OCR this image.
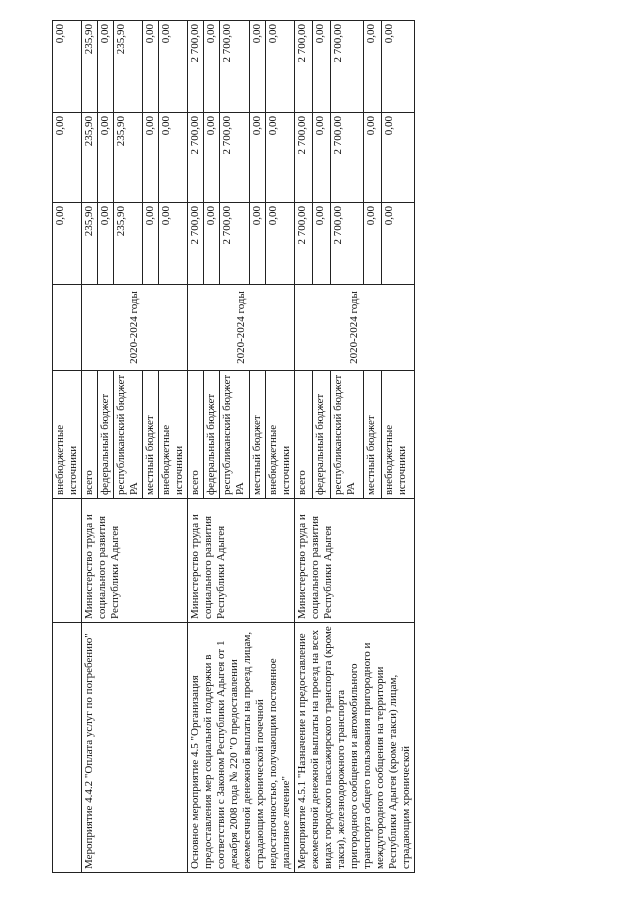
		внебюджетные источники		0,00	0,00	0,00
Мероприятие 4.4.2 "Оплата услуг по погребению"	Министерство труда и социального развития Республики Адыгея	всего	2020-2024 годы	235,90	235,90	235,90
		федеральный бюджет		0,00	0,00	0,00
		республиканский бюджет РА		235,90	235,90	235,90
		местный бюджет		0,00	0,00	0,00
		внебюджетные источники		0,00	0,00	0,00
Основное мероприятие 4.5 "Организация предоставления мер социальной поддержки в соответствии с Законом Республики Адыгея от 1 декабря 2008 года № 220 "О предоставлении ежемесячной денежной выплаты на проезд лицам, страдающим хронической почечной недостаточностью, получающим постоянное диализное лечение"	Министерство труда и социального развития Республики Адыгея	всего	2020-2024 годы	2 700,00	2 700,00	2 700,00
		федеральный бюджет		0,00	0,00	0,00
		республиканский бюджет РА		2 700,00	2 700,00	2 700,00
		местный бюджет		0,00	0,00	0,00
		внебюджетные источники		0,00	0,00	0,00
Мероприятие 4.5.1 "Назначение и предоставление ежемесячной денежной выплаты на проезд на всех видах городского пассажирского транспорта (кроме такси), железнодорожного транспорта пригородного сообщения и автомобильного транспорта общего пользования пригородного и междугородного сообщения на территории Республики Адыгея (кроме такси) лицам, страдающим хронической	Министерство труда и социального развития Республики Адыгея	всего	2020-2024 годы	2 700,00	2 700,00	2 700,00
		федеральный бюджет		0,00	0,00	0,00
		республиканский бюджет РА		2 700,00	2 700,00	2 700,00
		местный бюджет		0,00	0,00	0,00
		внебюджетные источники		0,00	0,00	0,00
